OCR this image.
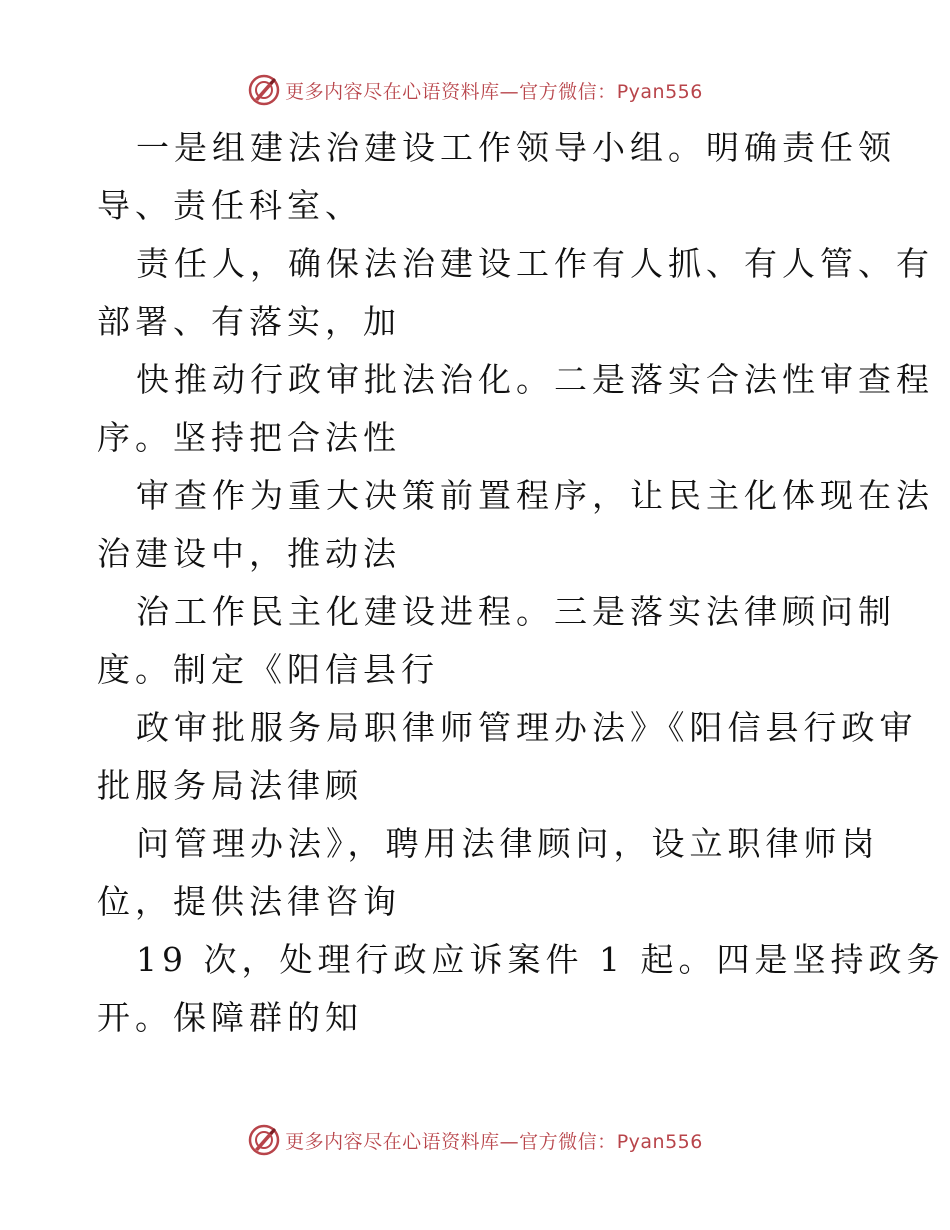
更多内容尽在心语资料库—官方微信：Pyan556
一是组建法治建设工作领导小组。明确责任领
导、责任科室、
责任人，确保法治建设工作有人抓、有人管、有
部署、有落实，加
快推动行政审批法治化。二是落实合法性审查程
序。坚持把合法性
审查作为重大决策前置程序，让民主化体现在法
治建设中，推动法
治工作民主化建设进程。三是落实法律顾问制
度。制定《阳信县行
政审批服务局职律师管理办法》《阳信县行政审
批服务局法律顾
问管理办法》，聘用法律顾问，设立职律师岗
位，提供法律咨询
19 次，处理行政应诉案件 1 起。四是坚持政务
开。保障群的知
更多内容尽在心语资料库—官方微信：Pyan556
